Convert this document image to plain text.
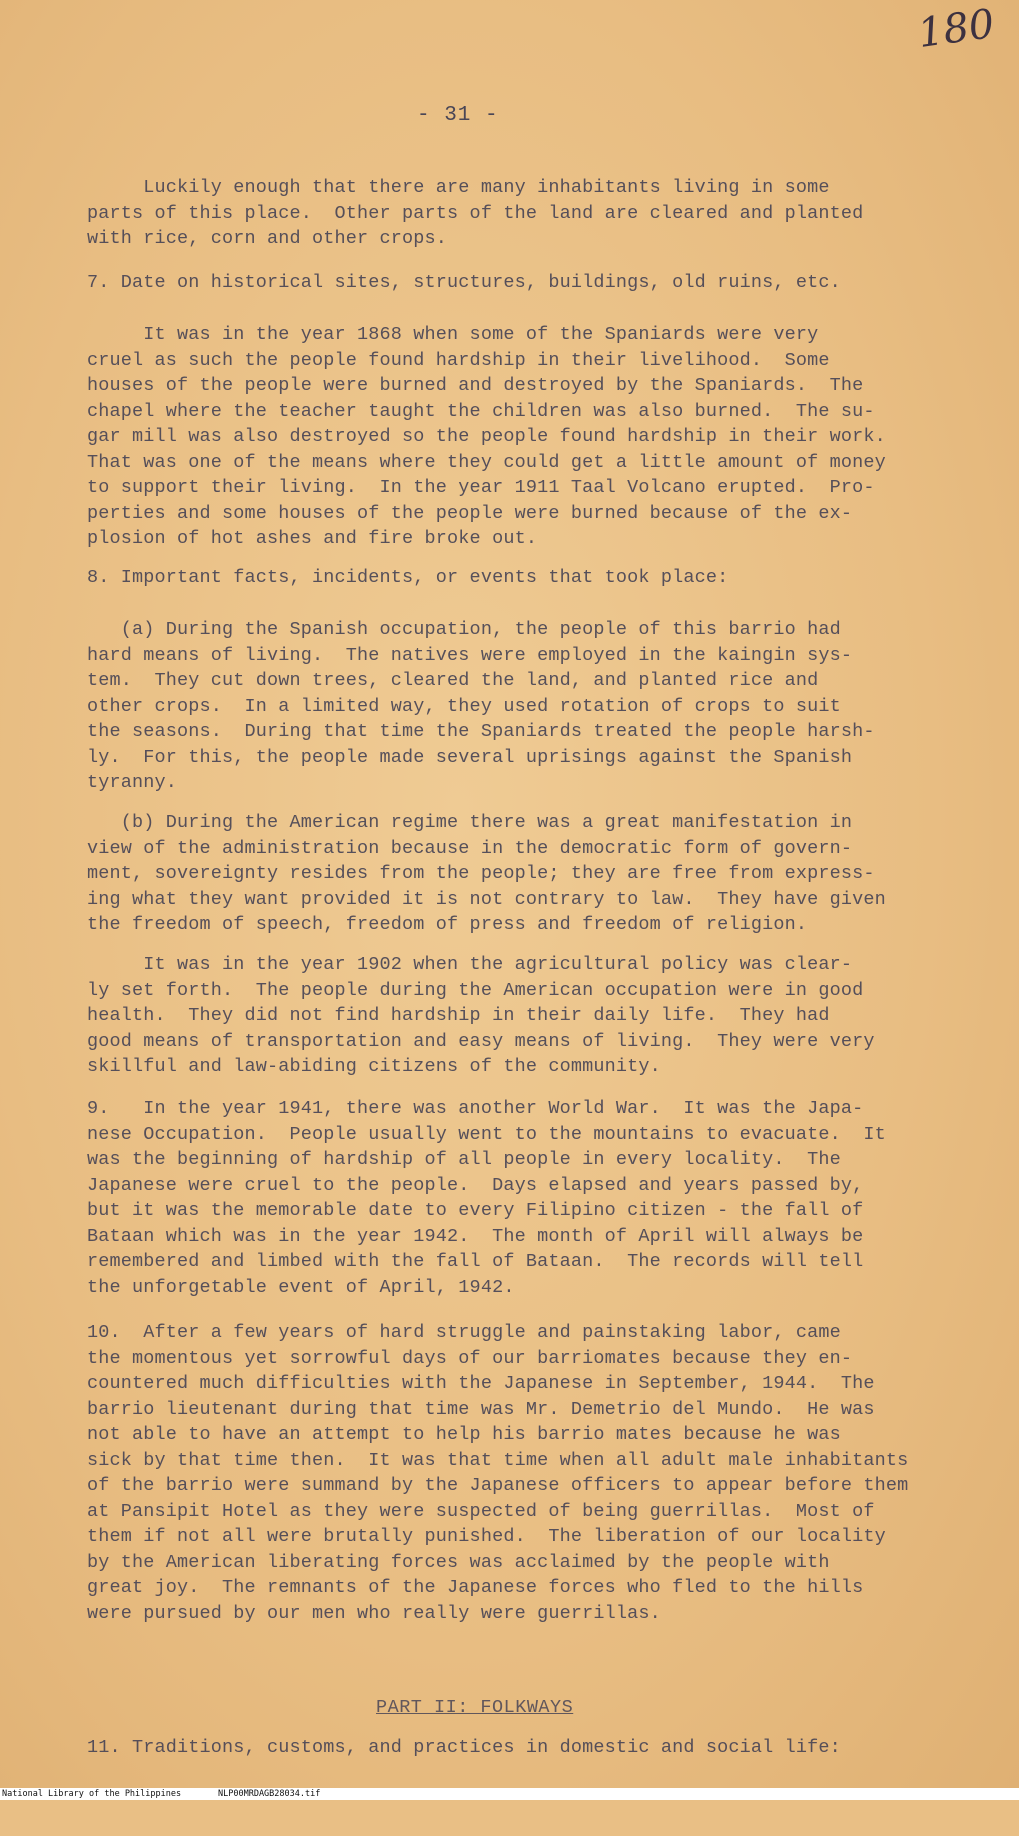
180
- 31 -
Luckily enough that there are many inhabitants living in some
parts of this place.  Other parts of the land are cleared and planted
with rice, corn and other crops.
7. Date on historical sites, structures, buildings, old ruins, etc.
It was in the year 1868 when some of the Spaniards were very
cruel as such the people found hardship in their livelihood.  Some
houses of the people were burned and destroyed by the Spaniards.  The
chapel where the teacher taught the children was also burned.  The su-
gar mill was also destroyed so the people found hardship in their work.
That was one of the means where they could get a little amount of money
to support their living.  In the year 1911 Taal Volcano erupted.  Pro-
perties and some houses of the people were burned because of the ex-
plosion of hot ashes and fire broke out.
8. Important facts, incidents, or events that took place:
(a) During the Spanish occupation, the people of this barrio had
hard means of living.  The natives were employed in the kaingin sys-
tem.  They cut down trees, cleared the land, and planted rice and
other crops.  In a limited way, they used rotation of crops to suit
the seasons.  During that time the Spaniards treated the people harsh-
ly.  For this, the people made several uprisings against the Spanish
tyranny.
(b) During the American regime there was a great manifestation in
view of the administration because in the democratic form of govern-
ment, sovereignty resides from the people; they are free from express-
ing what they want provided it is not contrary to law.  They have given
the freedom of speech, freedom of press and freedom of religion.
It was in the year 1902 when the agricultural policy was clear-
ly set forth.  The people during the American occupation were in good
health.  They did not find hardship in their daily life.  They had
good means of transportation and easy means of living.  They were very
skillful and law-abiding citizens of the community.
9.   In the year 1941, there was another World War.  It was the Japa-
nese Occupation.  People usually went to the mountains to evacuate.  It
was the beginning of hardship of all people in every locality.  The
Japanese were cruel to the people.  Days elapsed and years passed by,
but it was the memorable date to every Filipino citizen - the fall of
Bataan which was in the year 1942.  The month of April will always be
remembered and limbed with the fall of Bataan.  The records will tell
the unforgetable event of April, 1942.
10.  After a few years of hard struggle and painstaking labor, came
the momentous yet sorrowful days of our barriomates because they en-
countered much difficulties with the Japanese in September, 1944.  The
barrio lieutenant during that time was Mr. Demetrio del Mundo.  He was
not able to have an attempt to help his barrio mates because he was
sick by that time then.  It was that time when all adult male inhabitants
of the barrio were summand by the Japanese officers to appear before them
at Pansipit Hotel as they were suspected of being guerrillas.  Most of
them if not all were brutally punished.  The liberation of our locality
by the American liberating forces was acclaimed by the people with
great joy.  The remnants of the Japanese forces who fled to the hills
were pursued by our men who really were guerrillas.
PART II: FOLKWAYS
11. Traditions, customs, and practices in domestic and social life:

National Library of the Philippines

	NLP00MRDAGB28034.tif
